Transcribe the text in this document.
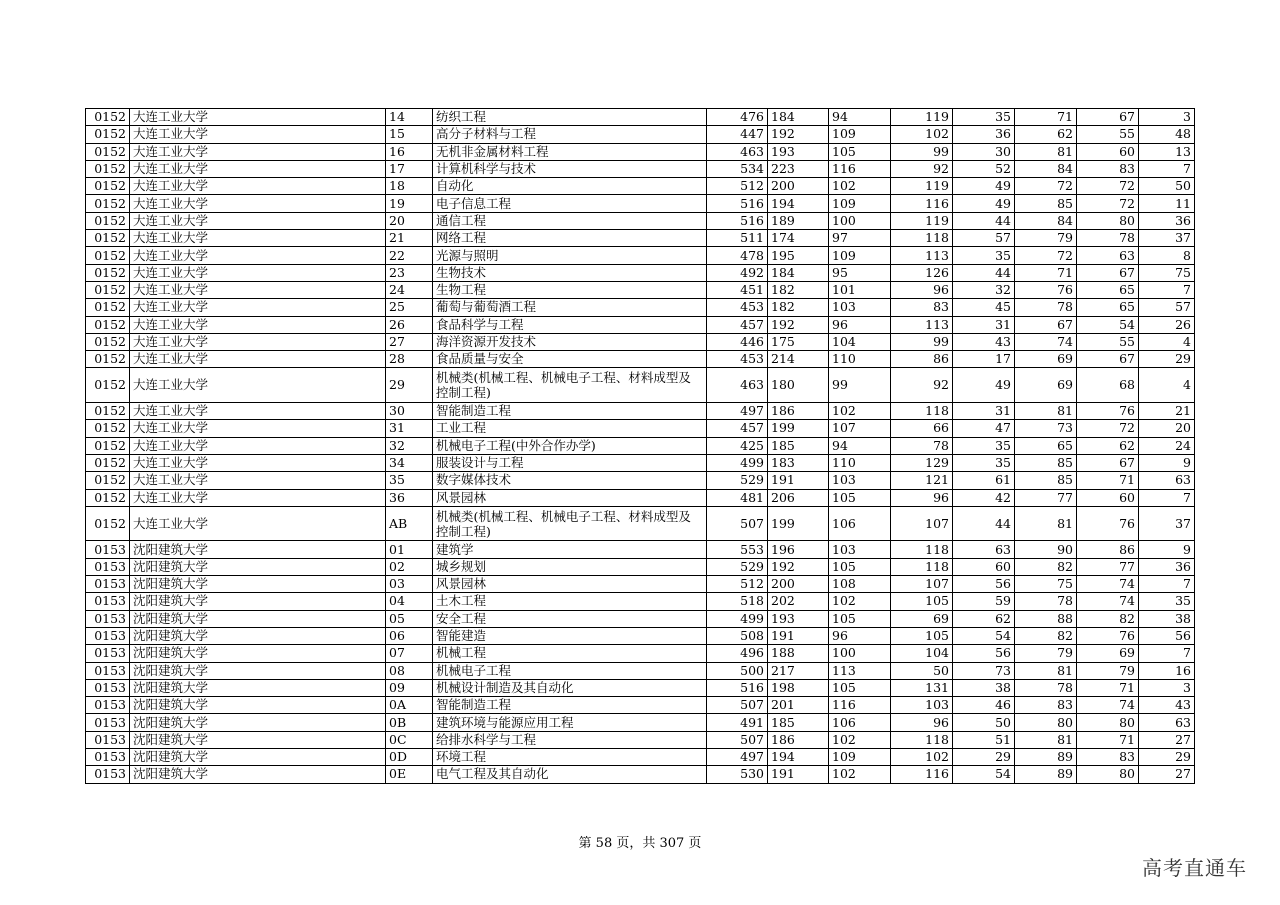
0152	大连工业大学	14	纺织工程	476	184	94	119	35	71	67	3
0152	大连工业大学	15	高分子材料与工程	447	192	109	102	36	62	55	48
0152	大连工业大学	16	无机非金属材料工程	463	193	105	99	30	81	60	13
0152	大连工业大学	17	计算机科学与技术	534	223	116	92	52	84	83	7
0152	大连工业大学	18	自动化	512	200	102	119	49	72	72	50
0152	大连工业大学	19	电子信息工程	516	194	109	116	49	85	72	11
0152	大连工业大学	20	通信工程	516	189	100	119	44	84	80	36
0152	大连工业大学	21	网络工程	511	174	97	118	57	79	78	37
0152	大连工业大学	22	光源与照明	478	195	109	113	35	72	63	8
0152	大连工业大学	23	生物技术	492	184	95	126	44	71	67	75
0152	大连工业大学	24	生物工程	451	182	101	96	32	76	65	7
0152	大连工业大学	25	葡萄与葡萄酒工程	453	182	103	83	45	78	65	57
0152	大连工业大学	26	食品科学与工程	457	192	96	113	31	67	54	26
0152	大连工业大学	27	海洋资源开发技术	446	175	104	99	43	74	55	4
0152	大连工业大学	28	食品质量与安全	453	214	110	86	17	69	67	29
0152	大连工业大学	29	机械类(机械工程、机械电子工程、材料成型及控制工程)	463	180	99	92	49	69	68	4
0152	大连工业大学	30	智能制造工程	497	186	102	118	31	81	76	21
0152	大连工业大学	31	工业工程	457	199	107	66	47	73	72	20
0152	大连工业大学	32	机械电子工程(中外合作办学)	425	185	94	78	35	65	62	24
0152	大连工业大学	34	服装设计与工程	499	183	110	129	35	85	67	9
0152	大连工业大学	35	数字媒体技术	529	191	103	121	61	85	71	63
0152	大连工业大学	36	风景园林	481	206	105	96	42	77	60	7
0152	大连工业大学	AB	机械类(机械工程、机械电子工程、材料成型及控制工程)	507	199	106	107	44	81	76	37
0153	沈阳建筑大学	01	建筑学	553	196	103	118	63	90	86	9
0153	沈阳建筑大学	02	城乡规划	529	192	105	118	60	82	77	36
0153	沈阳建筑大学	03	风景园林	512	200	108	107	56	75	74	7
0153	沈阳建筑大学	04	土木工程	518	202	102	105	59	78	74	35
0153	沈阳建筑大学	05	安全工程	499	193	105	69	62	88	82	38
0153	沈阳建筑大学	06	智能建造	508	191	96	105	54	82	76	56
0153	沈阳建筑大学	07	机械工程	496	188	100	104	56	79	69	7
0153	沈阳建筑大学	08	机械电子工程	500	217	113	50	73	81	79	16
0153	沈阳建筑大学	09	机械设计制造及其自动化	516	198	105	131	38	78	71	3
0153	沈阳建筑大学	0A	智能制造工程	507	201	116	103	46	83	74	43
0153	沈阳建筑大学	0B	建筑环境与能源应用工程	491	185	106	96	50	80	80	63
0153	沈阳建筑大学	0C	给排水科学与工程	507	186	102	118	51	81	71	27
0153	沈阳建筑大学	0D	环境工程	497	194	109	102	29	89	83	29
0153	沈阳建筑大学	0E	电气工程及其自动化	530	191	102	116	54	89	80	27
第 58 页，共 307 页
高考直通车
